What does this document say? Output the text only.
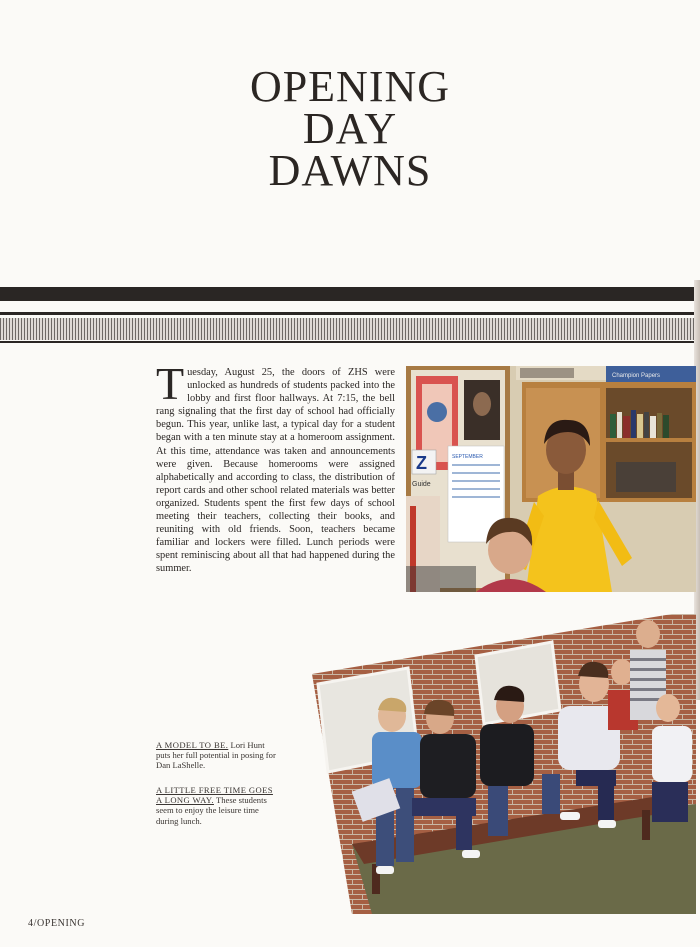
OPENING
DAY
DAWNS
Tuesday, August 25, the doors of ZHS were unlocked as hundreds of students packed into the lobby and first floor hallways. At 7:15, the bell rang signaling that the first day of school had officially begun. This year, unlike last, a typical day for a student began with a ten minute stay at a homeroom assignment. At this time, attendance was taken and announcements were given. Because homerooms were assigned alphabetically and according to class, the distribution of report cards and other school related materials was better organized. Students spent the first few days of school meeting their teachers, collecting their books, and reuniting with old friends. Soon, teachers became familiar and lockers were filled. Lunch periods were spent reminiscing about all that had happened during the summer.
Z
Guide
SEPTEMBER
Champion Papers
A MODEL TO BE. Lori Hunt puts her full potential in posing for Dan LaShelle.
A LITTLE FREE TIME GOES A LONG WAY. These students seem to enjoy the leisure time during lunch.
4/OPENING
